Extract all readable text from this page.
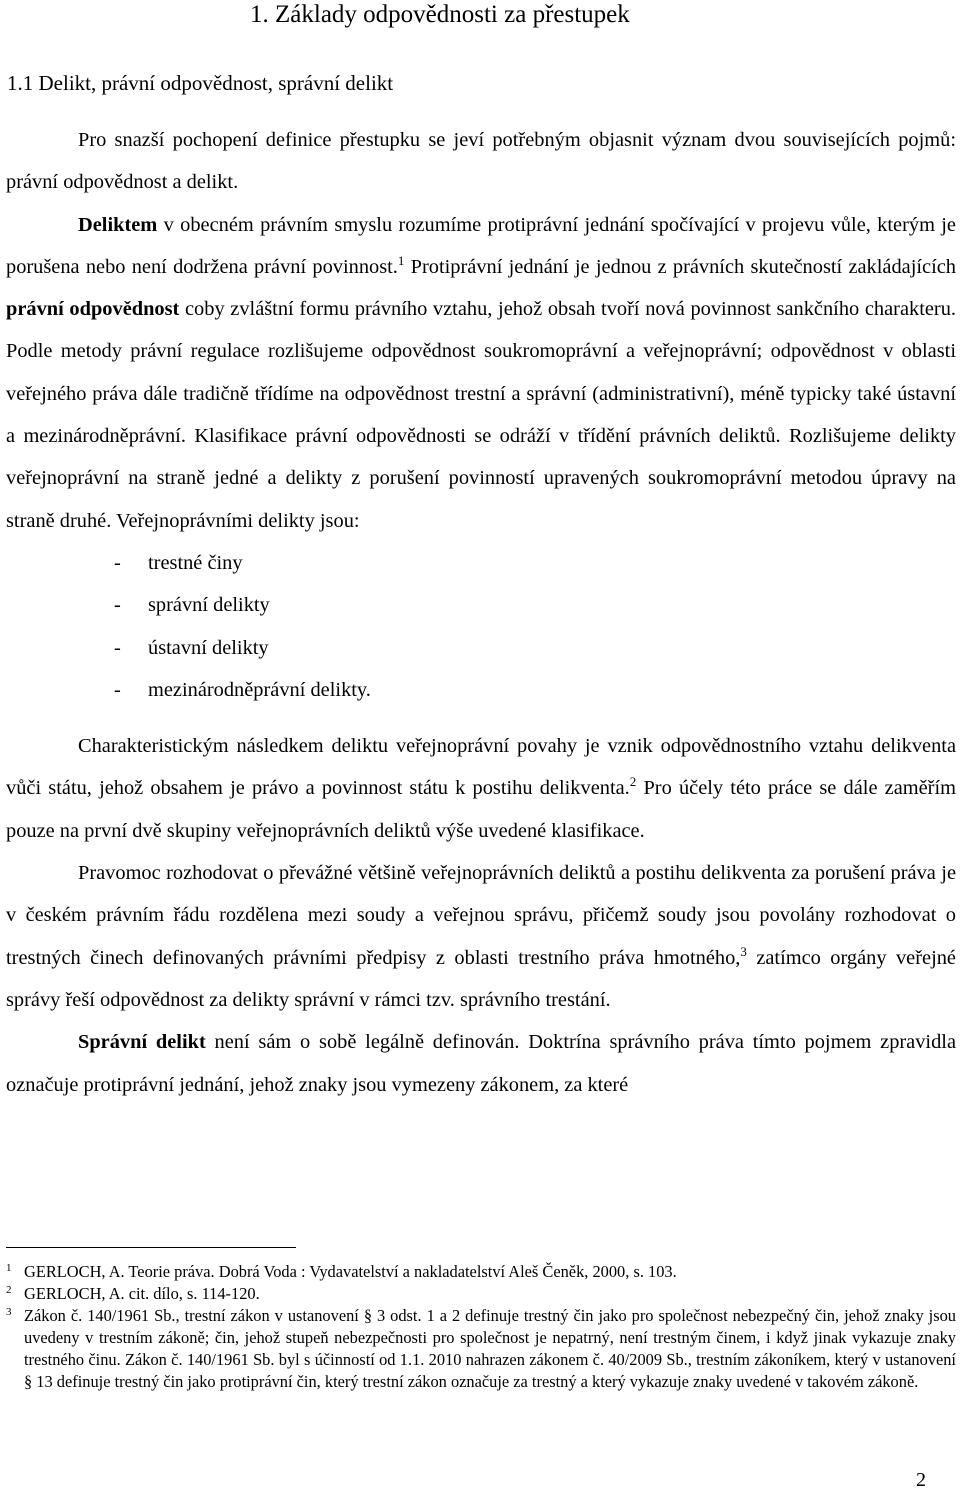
1. Základy odpovědnosti za přestupek
1.1 Delikt, právní odpovědnost, správní delikt

Pro snazší pochopení definice přestupku se jeví potřebným objasnit význam dvou souvisejících pojmů: právní odpovědnost a delikt.

Deliktem v obecném právním smyslu rozumíme protiprávní jednání spočívající v projevu vůle, kterým je porušena nebo není dodržena právní povinnost.$^1$ Protiprávní jednání je jednou z právních skutečností zakládajících právní odpovědnost coby zvláštní formu právního vztahu, jehož obsah tvoří nová povinnost sankčního charakteru. Podle metody právní regulace rozlišujeme odpovědnost soukromoprávní a veřejnoprávní; odpovědnost v oblasti veřejného práva dále tradičně třídíme na odpovědnost trestní a správní (administrativní), méně typicky také ústavní a mezinárodněprávní. Klasifikace právní odpovědnosti se odráží v třídění právních deliktů. Rozlišujeme delikty veřejnoprávní na straně jedné a delikty z porušení povinností upravených soukromoprávní metodou úpravy na straně druhé. Veřejnoprávními delikty jsou:

- trestné činy
- správní delikty
- ústavní delikty
- mezinárodněprávní delikty.

Charakteristickým následkem deliktu veřejnoprávní povahy je vznik odpovědnostního vztahu delikventa vůči státu, jehož obsahem je právo a povinnost státu k postihu delikventa.$^2$ Pro účely této práce se dále zaměřím pouze na první dvě skupiny veřejnoprávních deliktů výše uvedené klasifikace.

Pravomoc rozhodovat o převážné většině veřejnoprávních deliktů a postihu delikventa za porušení práva je v českém právním řádu rozdělena mezi soudy a veřejnou správu, přičemž soudy jsou povolány rozhodovat o trestných činech definovaných právními předpisy z oblasti trestního práva hmotného,$^3$ zatímco orgány veřejné správy řeší odpovědnost za delikty správní v rámci tzv. správního trestání.

Správní delikt není sám o sobě legálně definován. Doktrína správního práva tímto pojmem zpravidla označuje protiprávní jednání, jehož znaky jsou vymezeny zákonem, za které

1 GERLOCH, A. Teorie práva. Dobrá Voda : Vydavatelství a nakladatelství Aleš Čeněk, 2000, s. 103.

2 GERLOCH, A. cit. dílo, s. 114-120.

3 Zákon č. 140/1961 Sb., trestní zákon v ustanovení § 3 odst. 1 a 2 definuje trestný čin jako pro společnost nebezpečný čin, jehož znaky jsou uvedeny v trestním zákoně; čin, jehož stupeň nebezpečnosti pro společnost je nepatrný, není trestným činem, i když jinak vykazuje znaky trestného činu. Zákon č. 140/1961 Sb. byl s účinností od 1.1. 2010 nahrazen zákonem č. 40/2009 Sb., trestním zákoníkem, který v ustanovení § 13 definuje trestný čin jako protiprávní čin, který trestní zákon označuje za trestný a který vykazuje znaky uvedené v takovém zákoně.

2
